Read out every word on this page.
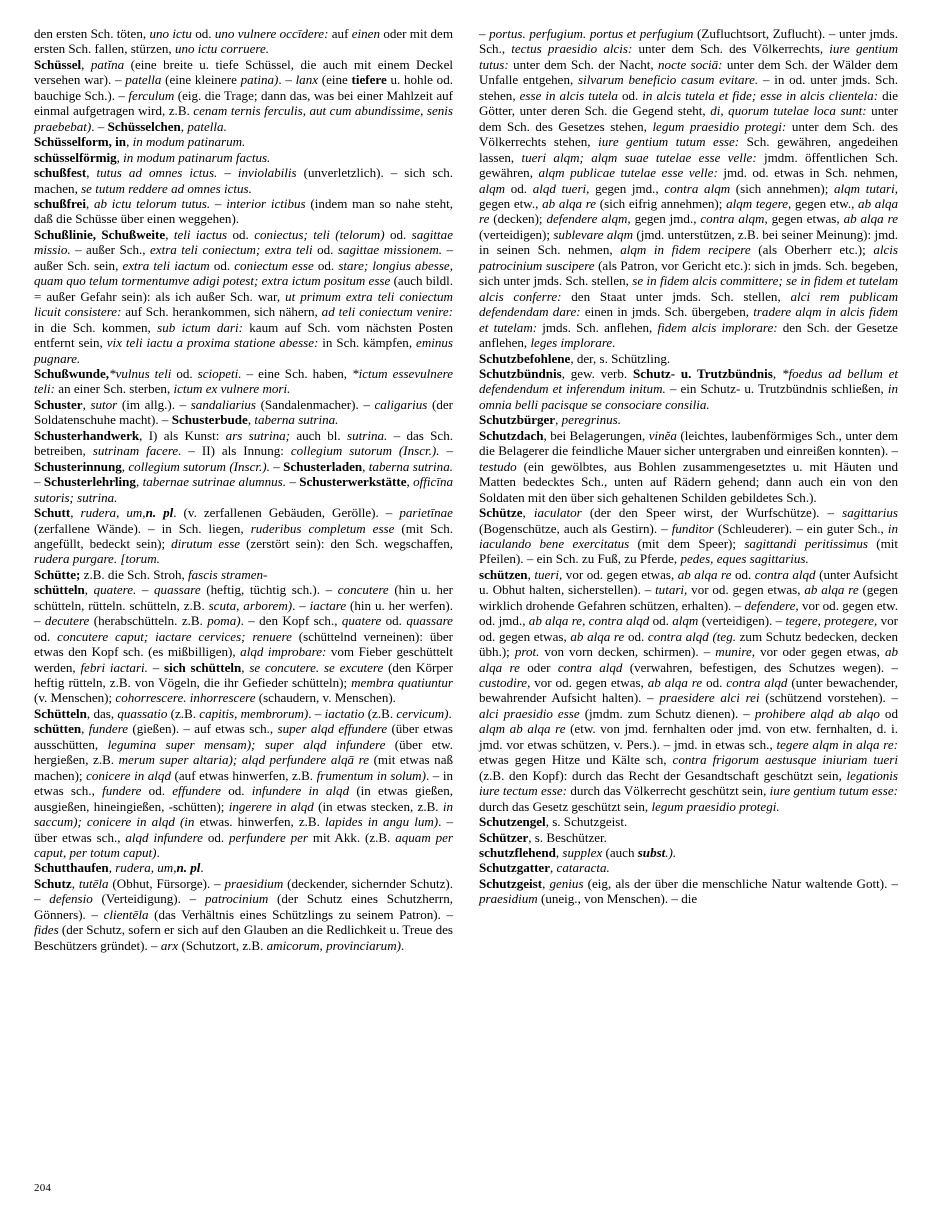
den ersten Sch. töten, uno ictu od. uno vulnere occīdere: auf einen oder mit dem ersten Sch. fallen, stürzen, uno ictu corruere.

Schüssel, patĭna (eine breite u. tiefe Schüssel, die auch mit einem Deckel versehen war). – patella (eine kleinere patina). – lanx (eine tiefere u. hohle od. bauchige Sch.). – ferculum (eig. die Trage; dann das, was bei einer Mahlzeit auf einmal aufgetragen wird, z.B. cenam ternis ferculis, aut cum abundissime, senis praebebat). – Schüsselchen, patella.

Schüsselform, in, in modum patinarum.

schüsselförmig, in modum patinarum factus.

schußfest, tutus ad omnes ictus. – inviolabilis (unverletzlich). – sich sch. machen, se tutum reddere ad omnes ictus.

schußfrei, ab ictu telorum tutus. – interior ictibus (indem man so nahe steht, daß die Schüsse über einen weggehen).

Schußlinie, Schußweite, teli iactus od. coniectus; teli (telorum) od. sagittae missio. – außer Sch., extra teli coniectum; extra teli od. sagittae missionem. – außer Sch. sein, extra teli iactum od. coniectum esse od. stare; longius abesse, quam quo telum tormentumve adigi potest; extra ictum positum esse (auch bildl. = außer Gefahr sein): als ich außer Sch. war, ut primum extra teli coniectum licuit consistere: auf Sch. herankommen, sich nähern, ad teli coniectum venire: in die Sch. kommen, sub ictum dari: kaum auf Sch. vom nächsten Posten entfernt sein, vix teli iactu a proxima statione abesse: in Sch. kämpfen, eminus pugnare.

Schußwunde,*vulnus teli od. sciopeti. – eine Sch. haben, *ictum essevulnere teli: an einer Sch. sterben, ictum ex vulnere mori.

Schuster, sutor (im allg.). – sandaliarius (Sandalenmacher). – caligarius (der Soldatenschuhe macht). – Schusterbude, taberna sutrina.

Schusterhandwerk, I) als Kunst: ars sutrina; auch bl. sutrina. – das Sch. betreiben, sutrinam facere. – II) als Innung: collegium sutorum (Inscr.). – Schusterinnung, collegium sutorum (Inscr.). – Schusterladen, taberna sutrina. – Schusterlehrling, tabernae sutrinae alumnus. – Schusterwerkstätte, officīna sutoris; sutrina.

Schutt, rudera, um,n. pl. (v. zerfallenen Gebäuden, Gerölle). – parietīnae (zerfallene Wände). – in Sch. liegen, ruderibus completum esse (mit Sch. angefüllt, bedeckt sein); dirutum esse (zerstört sein): den Sch. wegschaffen, rudera purgare. [torum.

Schütte; z.B. die Sch. Stroh, fascis stramen-

schütteln, quatere. – quassare (heftig, tüchtig sch.). – concutere (hin u. her schütteln, rütteln. schütteln, z.B. scuta, arborem). – iactare (hin u. her werfen). – decutere (herabschütteln. z.B. poma). – den Kopf sch., quatere od. quassare od. concutere caput; iactare cervices; renuere (schüttelnd verneinen): über etwas den Kopf sch. (es mißbilligen), alqd improbare: vom Fieber geschüttelt werden, febri iactari. – sich schütteln, se concutere. se excutere (den Körper heftig rütteln, z.B. von Vögeln, die ihr Gefieder schütteln); membra quatiuntur (v. Menschen); cohorrescere. inhorrescere (schaudern, v. Menschen).

Schütteln, das, quassatio (z.B. capitis, membrorum). – iactatio (z.B. cervicum).

schütten, fundere (gießen). – auf etwas sch., super alqd effundere (über etwas ausschütten, legumina super mensam); super alqd infundere (über etw. hergießen, z.B. merum super altaria); alqd perfundere alqā re (mit etwas naß machen); conicere in alqd (auf etwas hinwerfen, z.B. frumentum in solum). – in etwas sch., fundere od. effundere od. infundere in alqd (in etwas gießen, ausgießen, hineingießen, -schütten); ingerere in alqd (in etwas stecken, z.B. in saccum); conicere in alqd (in etwas. hinwerfen, z.B. lapides in angu lum). – über etwas sch., alqd infundere od. perfundere per mit Akk. (z.B. aquam per caput, per totum caput).

Schutthaufen, rudera, um,n. pl.

Schutz, tutēla (Obhut, Fürsorge). – praesidium (deckender, sichernder Schutz). – defensio (Verteidigung). – patrocinium (der Schutz eines Schutzherrn, Gönners). – clientēla (das Verhältnis eines Schützlings zu seinem Patron). – fides (der Schutz, sofern er sich auf den Glauben an die Redlichkeit u. Treue des Beschützers gründet). – arx (Schutzort, z.B. amicorum, provinciarum).

– portus. perfugium. portus et perfugium (Zufluchtsort, Zuflucht). – unter jmds. Sch., tectus praesidio alcis: unter dem Sch. des Völkerrechts, iure gentium tutus: unter dem Sch. der Nacht, nocte sociā: unter dem Sch. der Wälder dem Unfalle entgehen, silvarum beneficio casum evitare. – in od. unter jmds. Sch. stehen, esse in alcis tutela od. in alcis tutela et fide; esse in alcis clientela: die Götter, unter deren Sch. die Gegend steht, di, quorum tutelae loca sunt: unter dem Sch. des Gesetzes stehen, legum praesidio protegi: unter dem Sch. des Völkerrechts stehen, iure gentium tutum esse: Sch. gewähren, angedeihen lassen, tueri alqm; alqm suae tutelae esse velle: jmdm. öffentlichen Sch. gewähren, alqm publicae tutelae esse velle: jmd. od. etwas in Sch. nehmen, alqm od. alqd tueri, gegen jmd., contra alqm (sich annehmen); alqm tutari, gegen etw., ab alqa re (sich eifrig annehmen); alqm tegere, gegen etw., ab alqa re (decken); defendere alqm, gegen jmd., contra alqm, gegen etwas, ab alqa re (verteidigen); sublevare alqm (jmd. unterstützen, z.B. bei seiner Meinung): jmd. in seinen Sch. nehmen, alqm in fidem recipere (als Oberherr etc.); alcis patrocinium suscipere (als Patron, vor Gericht etc.): sich in jmds. Sch. begeben, sich unter jmds. Sch. stellen, se in fidem alcis committere; se in fidem et tutelam alcis conferre: den Staat unter jmds. Sch. stellen, alci rem publicam defendendam dare: einen in jmds. Sch. übergeben, tradere alqm in alcis fidem et tutelam: jmds. Sch. anflehen, fidem alcis implorare: den Sch. der Gesetze anflehen, leges implorare.

Schutzbefohlene, der, s. Schützling.

Schutzbündnis, gew. verb. Schutz- u. Trutzbündnis, *foedus ad bellum et defendendum et inferendum initum. – ein Schutz- u. Trutzbündnis schließen, in omnia belli pacisque se consociare consilia.

Schutzbürger, peregrinus.

Schutzdach, bei Belagerungen, vinĕa (leichtes, laubenförmiges Sch., unter dem die Belagerer die feindliche Mauer sicher untergraben und einreißen konnten). – testudo (ein gewölbtes, aus Bohlen zusammengesetztes u. mit Häuten und Matten bedecktes Sch., unten auf Rädern gehend; dann auch ein von den Soldaten mit den über sich gehaltenen Schilden gebildetes Sch.).

Schütze, iaculator (der den Speer wirst, der Wurfschütze). – sagittarius (Bogenschütze, auch als Gestirn). – funditor (Schleuderer). – ein guter Sch., in iaculando bene exercitatus (mit dem Speer); sagittandi peritissimus (mit Pfeilen). – ein Sch. zu Fuß, zu Pferde, pedes, eques sagittarius.

schützen, tueri, vor od. gegen etwas, ab alqa re od. contra alqd (unter Aufsicht u. Obhut halten, sicherstellen). – tutari, vor od. gegen etwas, ab alqa re (gegen wirklich drohende Gefahren schützen, erhalten). – defendere, vor od. gegen etw. od. jmd., ab alqa re, contra alqd od. alqm (verteidigen). – tegere, protegere, vor od. gegen etwas, ab alqa re od. contra alqd (teg. zum Schutz bedecken, decken übh.); prot. von vorn decken, schirmen). – munire, vor oder gegen etwas, ab alqa re oder contra alqd (verwahren, befestigen, des Schutzes wegen). – custodire, vor od. gegen etwas, ab alqa re od. contra alqd (unter bewachender, bewahrender Aufsicht halten). – praesidere alci rei (schützend vorstehen). – alci praesidio esse (jmdm. zum Schutz dienen). – prohibere alqd ab alqo od alqm ab alqa re (etw. von jmd. fernhalten oder jmd. von etw. fernhalten, d. i. jmd. vor etwas schützen, v. Pers.). – jmd. in etwas sch., tegere alqm in alqa re: etwas gegen Hitze und Kälte sch, contra frigorum aestusque iniuriam tueri (z.B. den Kopf): durch das Recht der Gesandtschaft geschützt sein, legationis iure tectum esse: durch das Völkerrecht geschützt sein, iure gentium tutum esse: durch das Gesetz geschützt sein, legum praesidio protegi.

Schutzengel, s. Schutzgeist.

Schützer, s. Beschützer.

schutzflehend, supplex (auch subst.).

Schutzgatter, cataracta.

Schutzgeist, genius (eig, als der über die menschliche Natur waltende Gott). – praesidium (uneig., von Menschen). – die

204
